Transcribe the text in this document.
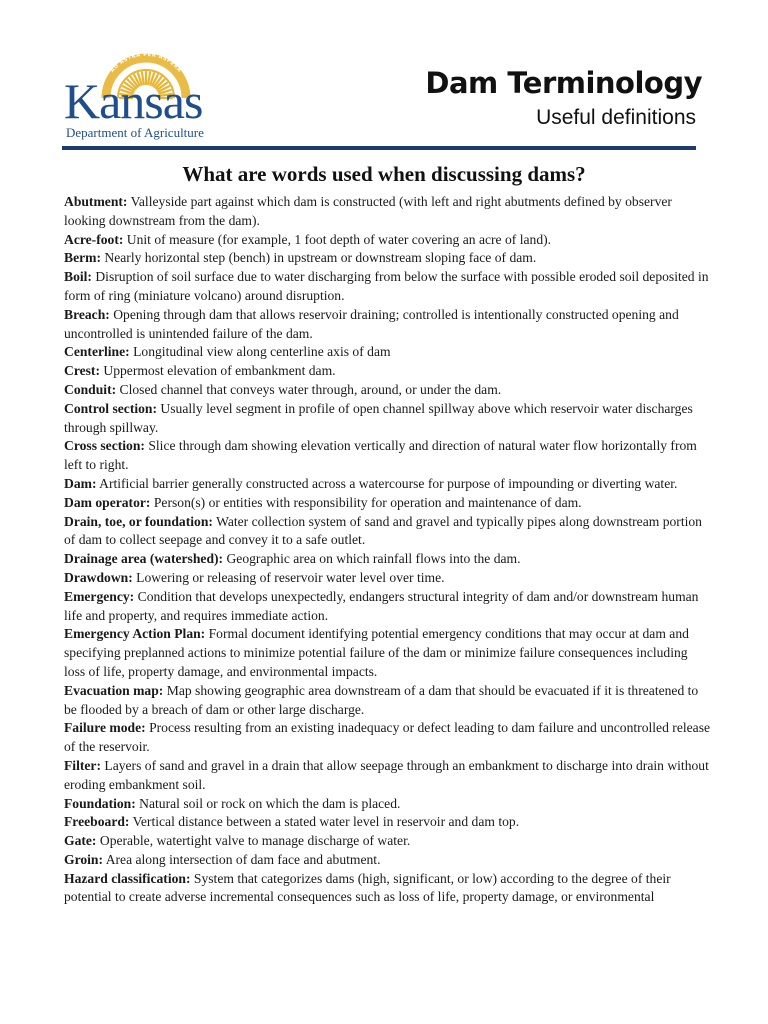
AD ASTRA PER ASPERA
Kansas
Department of Agriculture
Dam Terminology
Useful definitions
What are words used when discussing dams?

Abutment: Valleyside part against which dam is constructed (with left and right abutments defined by observer looking downstream from the dam).

Acre-foot: Unit of measure (for example, 1 foot depth of water covering an acre of land).

Berm: Nearly horizontal step (bench) in upstream or downstream sloping face of dam.

Boil: Disruption of soil surface due to water discharging from below the surface with possible eroded soil deposited in form of ring (miniature volcano) around disruption.

Breach: Opening through dam that allows reservoir draining; controlled is intentionally constructed opening and uncontrolled is unintended failure of the dam.

Centerline: Longitudinal view along centerline axis of dam

Crest: Uppermost elevation of embankment dam.

Conduit: Closed channel that conveys water through, around, or under the dam.

Control section: Usually level segment in profile of open channel spillway above which reservoir water discharges through spillway.

Cross section: Slice through dam showing elevation vertically and direction of natural water flow horizontally from left to right.

Dam: Artificial barrier generally constructed across a watercourse for purpose of impounding or diverting water.

Dam operator: Person(s) or entities with responsibility for operation and maintenance of dam.

Drain, toe, or foundation: Water collection system of sand and gravel and typically pipes along downstream portion of dam to collect seepage and convey it to a safe outlet.

Drainage area (watershed): Geographic area on which rainfall flows into the dam.

Drawdown: Lowering or releasing of reservoir water level over time.

Emergency: Condition that develops unexpectedly, endangers structural integrity of dam and/or downstream human life and property, and requires immediate action.

Emergency Action Plan: Formal document identifying potential emergency conditions that may occur at dam and specifying preplanned actions to minimize potential failure of the dam or minimize failure consequences including loss of life, property damage, and environmental impacts.

Evacuation map: Map showing geographic area downstream of a dam that should be evacuated if it is threatened to be flooded by a breach of dam or other large discharge.

Failure mode: Process resulting from an existing inadequacy or defect leading to dam failure and uncontrolled release of the reservoir.

Filter: Layers of sand and gravel in a drain that allow seepage through an embankment to discharge into drain without eroding embankment soil.

Foundation: Natural soil or rock on which the dam is placed.

Freeboard: Vertical distance between a stated water level in reservoir and dam top.

Gate: Operable, watertight valve to manage discharge of water.

Groin: Area along intersection of dam face and abutment.

Hazard classification: System that categorizes dams (high, significant, or low) according to the degree of their potential to create adverse incremental consequences such as loss of life, property damage, or environmental
